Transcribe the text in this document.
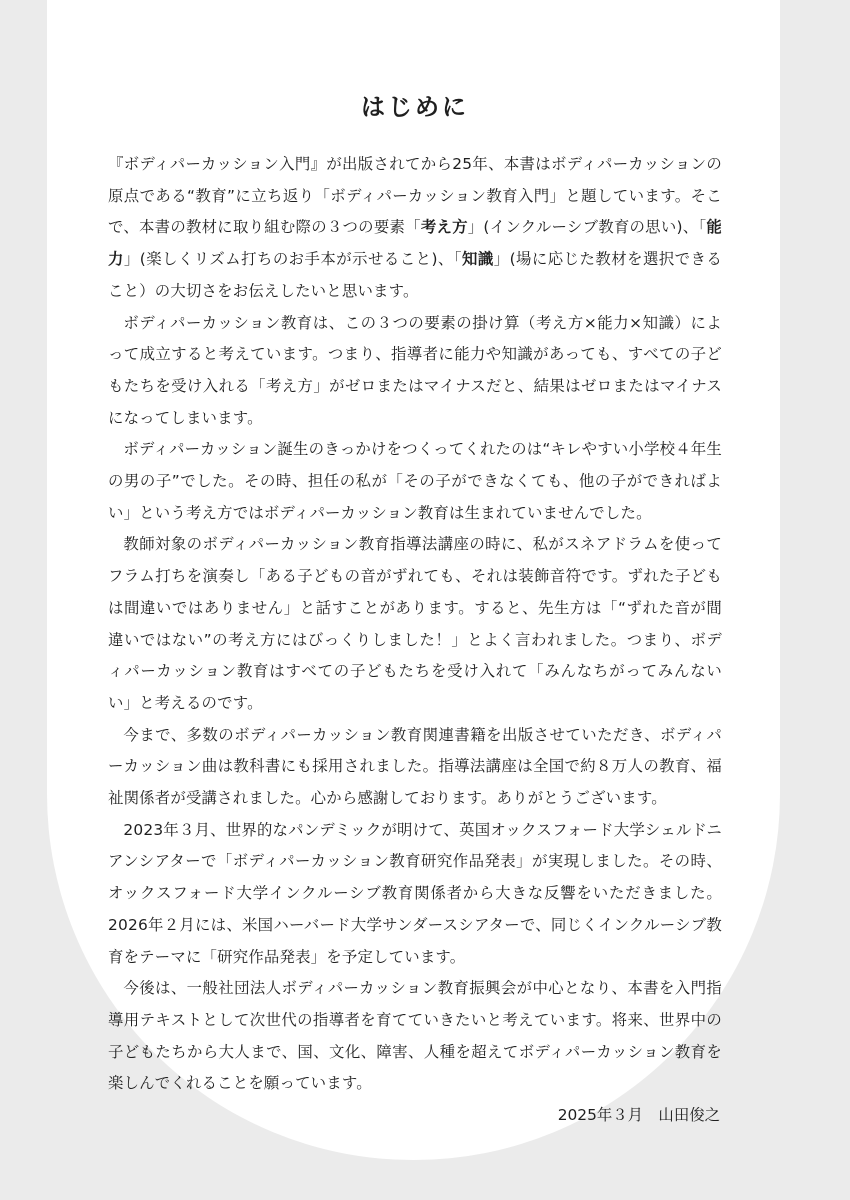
はじめに

『ボディパーカッション入門』が出版されてから25年、本書はボディパーカッションの原点である“教育”に立ち返り「ボディパーカッション教育入門」と題しています。そこで、本書の教材に取り組む際の３つの要素「考え方」(インクルーシブ教育の思い)、「能力」(楽しくリズム打ちのお手本が示せること)、「知識」(場に応じた教材を選択できること）の大切さをお伝えしたいと思います。

ボディパーカッション教育は、この３つの要素の掛け算（考え方×能力×知識）によって成立すると考えています。つまり、指導者に能力や知識があっても、すべての子どもたちを受け入れる「考え方」がゼロまたはマイナスだと、結果はゼロまたはマイナスになってしまいます。

ボディパーカッション誕生のきっかけをつくってくれたのは“キレやすい小学校４年生の男の子”でした。その時、担任の私が「その子ができなくても、他の子ができればよい」という考え方ではボディパーカッション教育は生まれていませんでした。

教師対象のボディパーカッション教育指導法講座の時に、私がスネアドラムを使ってフラム打ちを演奏し「ある子どもの音がずれても、それは装飾音符です。ずれた子どもは間違いではありません」と話すことがあります。すると、先生方は「“ずれた音が間違いではない”の考え方にはびっくりしました！」とよく言われました。つまり、ボディパーカッション教育はすべての子どもたちを受け入れて「みんなちがってみんないい」と考えるのです。

今まで、多数のボディパーカッション教育関連書籍を出版させていただき、ボディパーカッション曲は教科書にも採用されました。指導法講座は全国で約８万人の教育、福祉関係者が受講されました。心から感謝しております。ありがとうございます。

2023年３月、世界的なパンデミックが明けて、英国オックスフォード大学シェルドニアンシアターで「ボディパーカッション教育研究作品発表」が実現しました。その時、オックスフォード大学インクルーシブ教育関係者から大きな反響をいただきました。2026年２月には、米国ハーバード大学サンダースシアターで、同じくインクルーシブ教育をテーマに「研究作品発表」を予定しています。

今後は、一般社団法人ボディパーカッション教育振興会が中心となり、本書を入門指導用テキストとして次世代の指導者を育てていきたいと考えています。将来、世界中の子どもたちから大人まで、国、文化、障害、人種を超えてボディパーカッション教育を楽しんでくれることを願っています。

2025年３月　山田俊之
